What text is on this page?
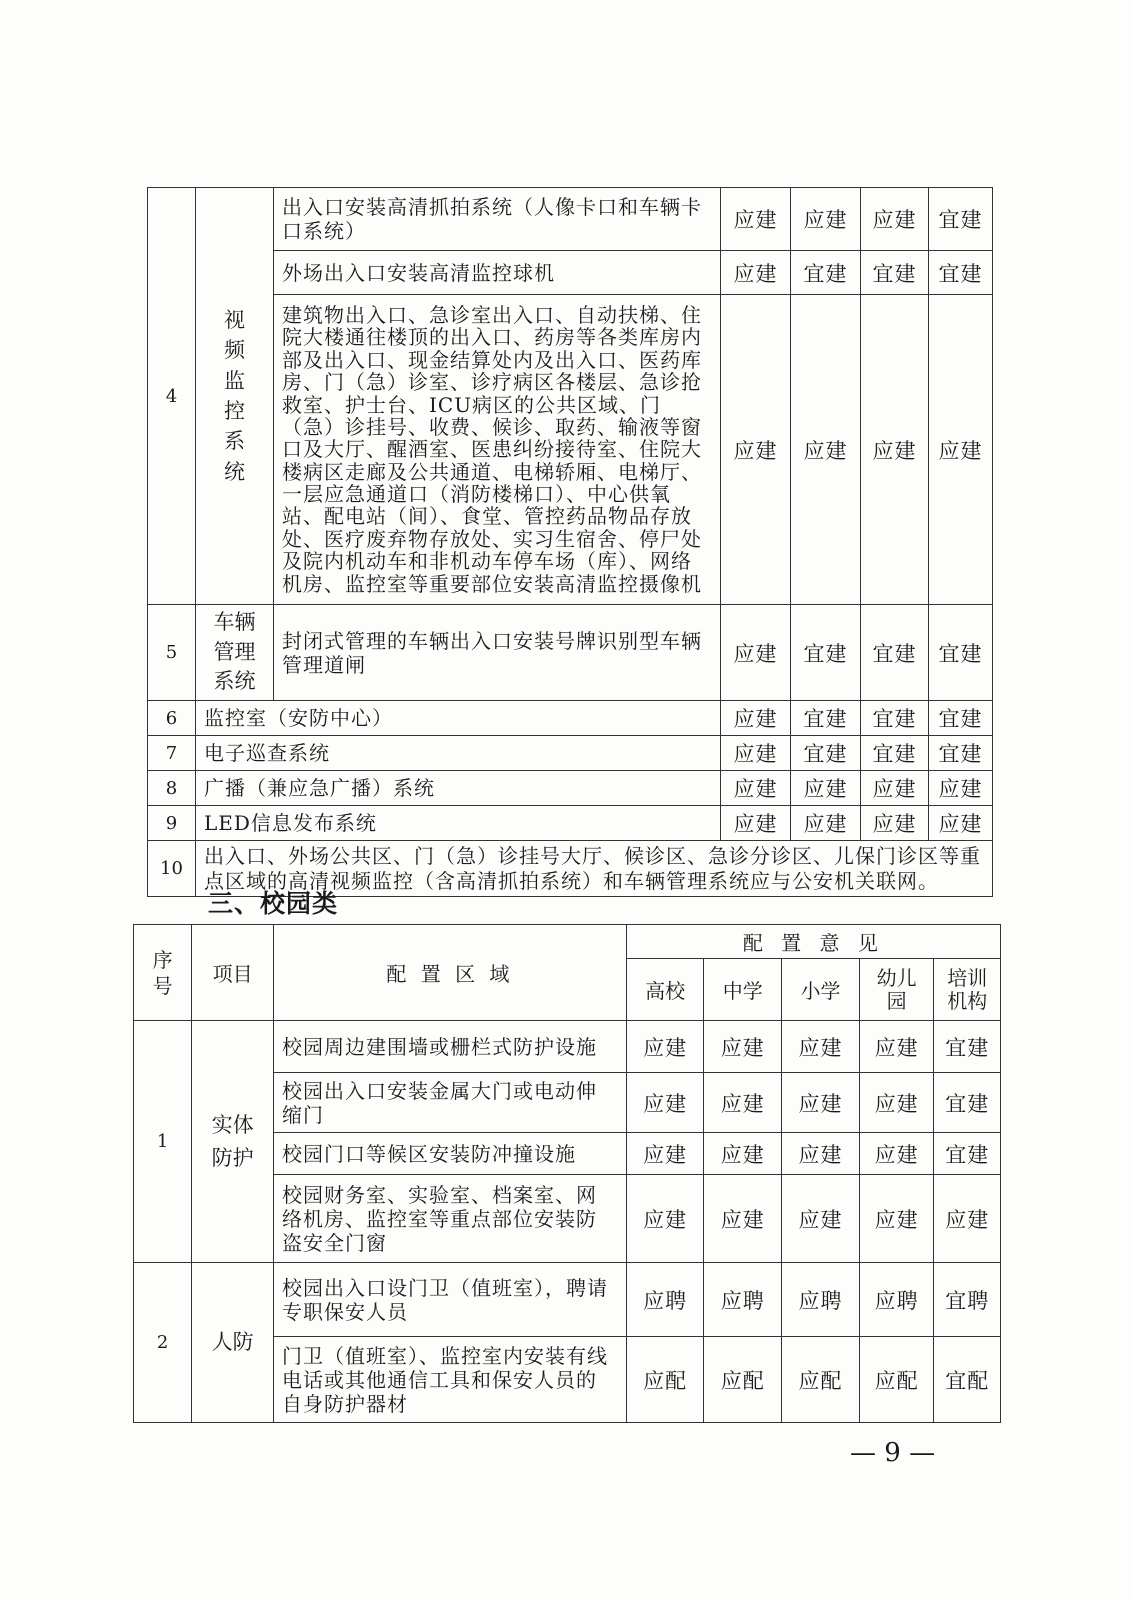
4	视频监控系统	出入口安装高清抓拍系统（人像卡口和车辆卡口系统）	应建	应建	应建	宜建
		外场出入口安装高清监控球机	应建	宜建	宜建	宜建
		建筑物出入口、急诊室出入口、自动扶梯、住院大楼通往楼顶的出入口、药房等各类库房内部及出入口、现金结算处内及出入口、医药库房、门（急）诊室、诊疗病区各楼层、急诊抢救室、护士台、ICU病区的公共区域、门（急）诊挂号、收费、候诊、取药、输液等窗口及大厅、醒酒室、医患纠纷接待室、住院大楼病区走廊及公共通道、电梯轿厢、电梯厅、一层应急通道口（消防楼梯口）、中心供氧站、配电站（间）、食堂、管控药品物品存放处、医疗废弃物存放处、实习生宿舍、停尸处及院内机动车和非机动车停车场（库）、网络机房、监控室等重要部位安装高清监控摄像机	应建	应建	应建	应建
5	车辆管理系统	封闭式管理的车辆出入口安装号牌识别型车辆管理道闸	应建	宜建	宜建	宜建
6	监控室（安防中心）		应建	宜建	宜建	宜建
7	电子巡查系统		应建	宜建	宜建	宜建
8	广播（兼应急广播）系统		应建	应建	应建	应建
9	LED信息发布系统		应建	应建	应建	应建
10	出入口、外场公共区、门（急）诊挂号大厅、候诊区、急诊分诊区、儿保门诊区等重点区域的高清视频监控（含高清抓拍系统）和车辆管理系统应与公安机关联网。					
三、校园类
序号	项目	配 置 区 域	配 置 意 见				
			高校	中学	小学	幼儿园	培训机构

1	实体防护	校园周边建围墙或栅栏式防护设施	应建	应建	应建	应建	宜建
		校园出入口安装金属大门或电动伸缩门	应建	应建	应建	应建	宜建
		校园门口等候区安装防冲撞设施	应建	应建	应建	应建	宜建
		校园财务室、实验室、档案室、网络机房、监控室等重点部位安装防盗安全门窗	应建	应建	应建	应建	应建
2	人防	校园出入口设门卫（值班室），聘请专职保安人员	应聘	应聘	应聘	应聘	宜聘
		门卫（值班室）、监控室内安装有线电话或其他通信工具和保安人员的自身防护器材	应配	应配	应配	应配	宜配
— 9 —
